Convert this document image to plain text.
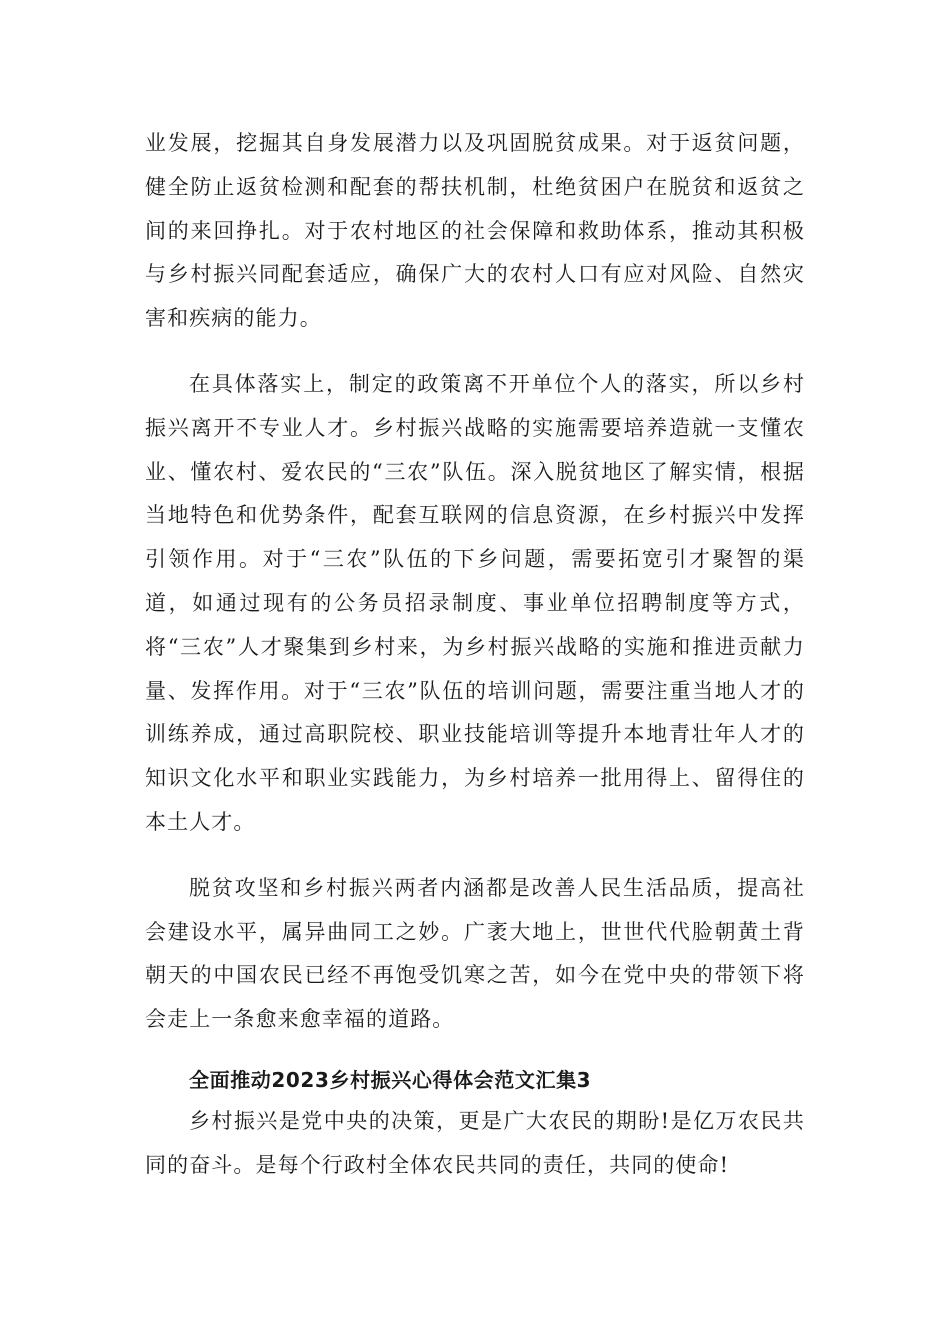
业发展，挖掘其自身发展潜力以及巩固脱贫成果。对于返贫问题，健全防止返贫检测和配套的帮扶机制，杜绝贫困户在脱贫和返贫之间的来回挣扎。对于农村地区的社会保障和救助体系，推动其积极与乡村振兴同配套适应，确保广大的农村人口有应对风险、自然灾害和疾病的能力。

在具体落实上，制定的政策离不开单位个人的落实，所以乡村振兴离开不专业人才。乡村振兴战略的实施需要培养造就一支懂农业、懂农村、爱农民的“三农”队伍。深入脱贫地区了解实情，根据当地特色和优势条件，配套互联网的信息资源，在乡村振兴中发挥引领作用。对于“三农”队伍的下乡问题，需要拓宽引才聚智的渠道，如通过现有的公务员招录制度、事业单位招聘制度等方式，将“三农”人才聚集到乡村来，为乡村振兴战略的实施和推进贡献力量、发挥作用。对于“三农”队伍的培训问题，需要注重当地人才的训练养成，通过高职院校、职业技能培训等提升本地青壮年人才的知识文化水平和职业实践能力，为乡村培养一批用得上、留得住的本土人才。

脱贫攻坚和乡村振兴两者内涵都是改善人民生活品质，提高社会建设水平，属异曲同工之妙。广袤大地上，世世代代脸朝黄土背朝天的中国农民已经不再饱受饥寒之苦，如今在党中央的带领下将会走上一条愈来愈幸福的道路。

全面推动2023乡村振兴心得体会范文汇集3

乡村振兴是党中央的决策，更是广大农民的期盼!是亿万农民共同的奋斗。是每个行政村全体农民共同的责任，共同的使命!
